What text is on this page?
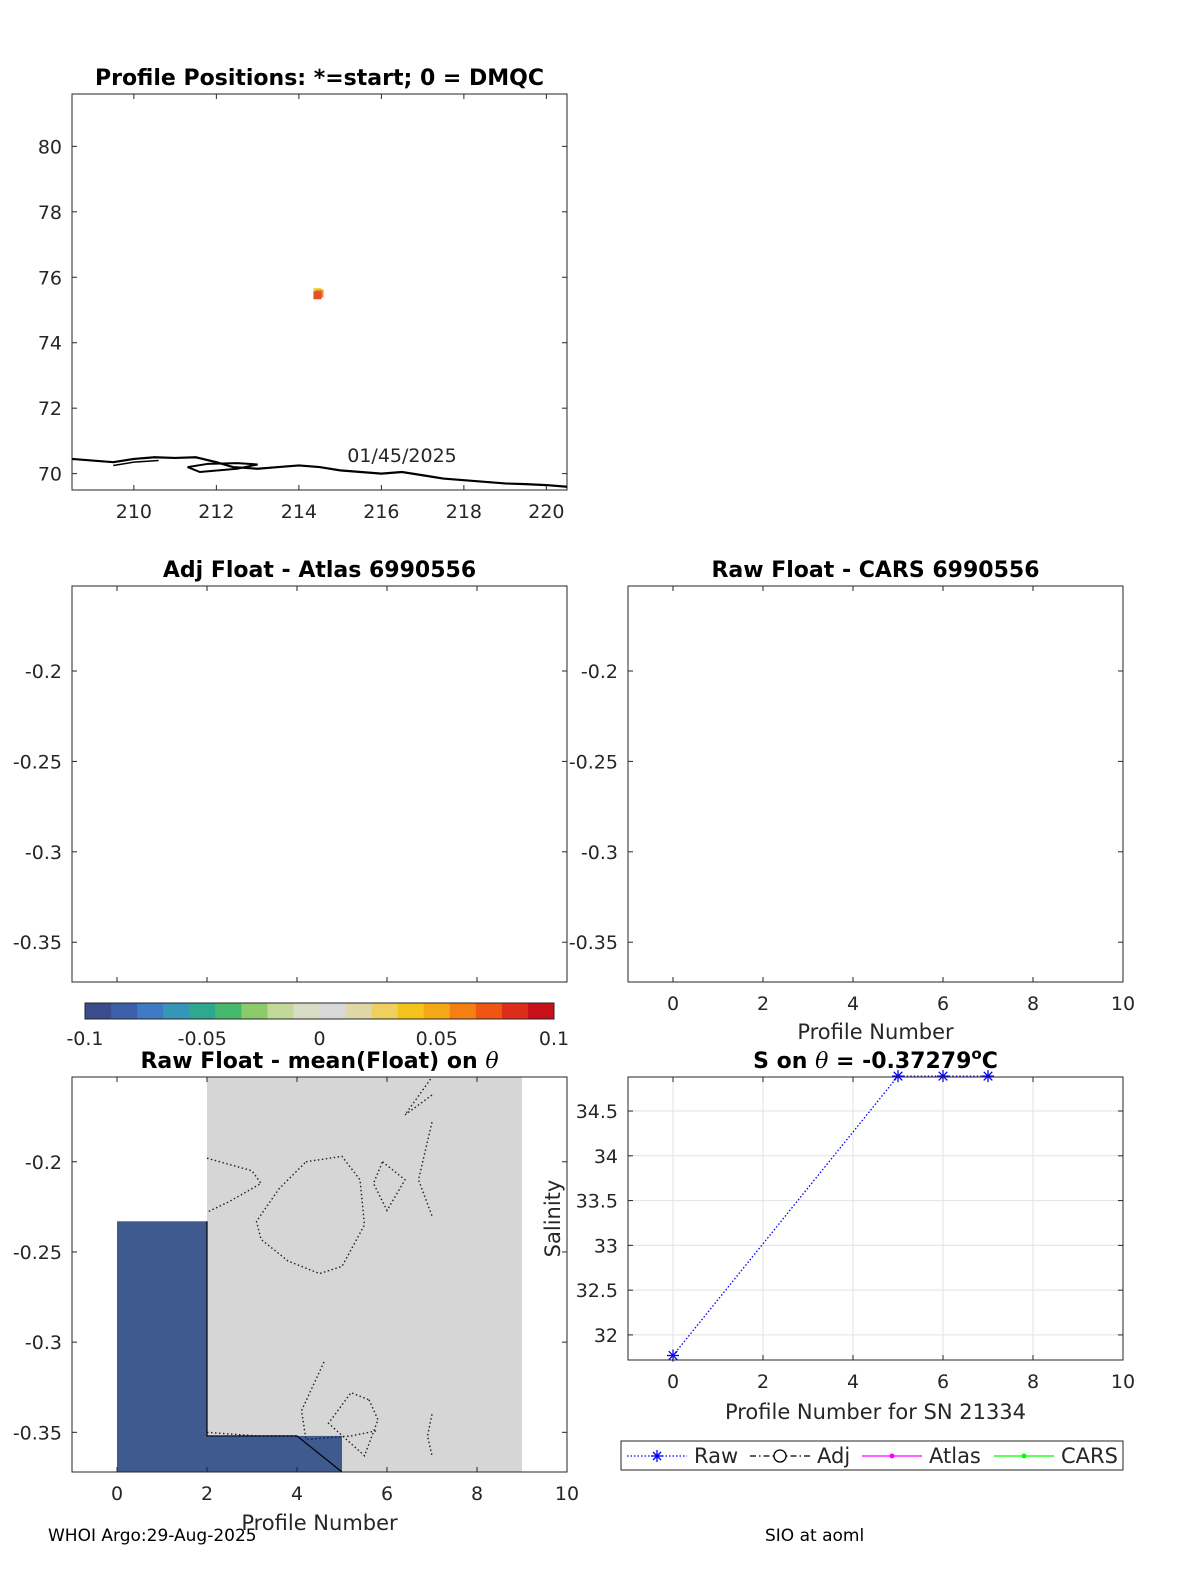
210 212 214 216 218 220
70
72
74
76
78
80
01/45/2025
Profile Positions: *=start; 0 = DMQC
-0.2
-0.25
-0.3
-0.35
Adj Float - Atlas 6990556
0	2	4	6	8	10
-0.2
-0.25
-0.3
-0.35
Raw Float - CARS 6990556
Profile Number
-0.1	-0.05	0	0.05	0.1
0	2	4	6	8	10
-0.2
-0.25
-0.3
-0.35
Raw Float - mean(Float) on θ
Profile Number
0	2	4	6	8	10
32
32.5
33
33.5
34
34.5
S on $\theta = -0.37279^oC$
Profile Number for SN 21334
Salinity
Raw	Adj	Atlas	CARS
WHOI Argo:29-Aug-2025	SIO at aoml
